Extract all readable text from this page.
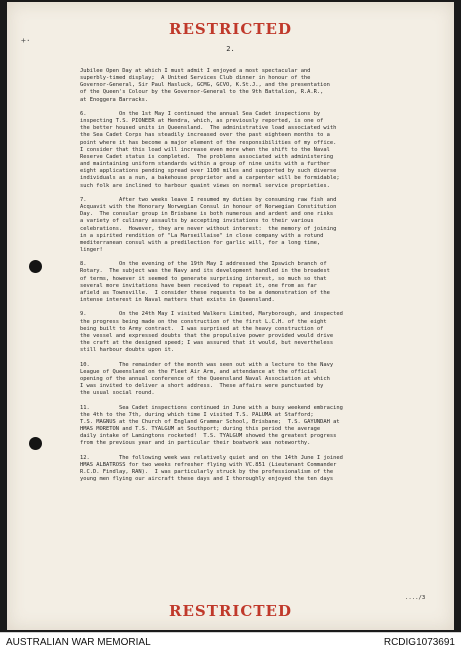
+·
RESTRICTED
2.
Jubilee Open Day at which I must admit I enjoyed a most spectacular and
superbly-timed display;  A United Services Club dinner in honour of the
Governor-General, Sir Paul Hasluck, GCMG, GCVO, K.St.J., and the presentation
of the Queen's Colour by the Governor-General to the 9th Battalion, R.A.R.,
at Enoggera Barracks.
6.          On the 1st May I continued the annual Sea Cadet inspections by
inspecting T.S. PIONEER at Hendra, which, as previously reported, is one of
the better housed units in Queensland.  The administrative load associated with
the Sea Cadet Corps has steadily increased over the past eighteen months to a
point where it has become a major element of the responsibilities of my office.
I consider that this load will increase even more when the shift to the Naval
Reserve Cadet status is completed.  The problems associated with administering
and maintaining uniform standards within a group of nine units with a further
eight applications pending spread over 1100 miles and supported by such diverse
individuals as a nun, a bakehouse proprietor and a carpenter will be formidable;
such folk are inclined to harbour quaint views on normal service proprieties.
7.          After two weeks leave I resumed my duties by consuming raw fish and
Acquavit with the Honorary Norwegian Consul in honour of Norwegian Constitution
Day.  The consular group in Brisbane is both numerous and ardent and one risks
a variety of culinary assaults by accepting invitations to their various
celebrations.  However, they are never without interest:  the memory of joining
in a spirited rendition of "La Marseillaise" in close company with a rotund
mediterranean consul with a predilection for garlic will, for a long time,
linger!
8.          On the evening of the 19th May I addressed the Ipswich branch of
Rotary.  The subject was the Navy and its development handled in the broadest
of terms, however it seemed to generate surprising interest, so much so that
several more invitations have been received to repeat it, one from as far
afield as Townsville.  I consider these requests to be a demonstration of the
intense interest in Naval matters that exists in Queensland.
9.          On the 24th May I visited Walkers Limited, Maryborough, and inspected
the progress being made on the construction of the first L.C.H. of the eight
being built to Army contract.  I was surprised at the heavy construction of
the vessel and expressed doubts that the propulsive power provided would drive
the craft at the designed speed; I was assured that it would, but nevertheless
still harbour doubts upon it.
10.         The remainder of the month was seen out with a lecture to the Navy
League of Queensland on the Fleet Air Arm, and attendance at the official
opening of the annual conference of the Queensland Naval Association at which
I was invited to deliver a short address.  These affairs were punctuated by
the usual social round.
11.         Sea Cadet inspections continued in June with a busy weekend embracing
the 4th to the 7th, during which time I visited T.S. PALUMA at Stafford;
T.S. MAGNUS at the Church of England Grammar School, Brisbane;  T.S. GAYUNDAH at
HMAS MORETON and T.S. TYALGUM at Southport; during this period the average
daily intake of Lamingtons rocketed!  T.S. TYALGUM showed the greatest progress
from the previous year and in particular their boatwork was noteworthy.
12.         The following week was relatively quiet and on the 14th June I joined
HMAS ALBATROSS for two weeks refresher flying with VC.851 (Lieutenant Commander
R.C.D. Findlay, RAN).  I was particularly struck by the professionalism of the
young men flying our aircraft these days and I thoroughly enjoyed the ten days
..../3
RESTRICTED
AUSTRALIAN WAR MEMORIAL	RCDIG1073691
